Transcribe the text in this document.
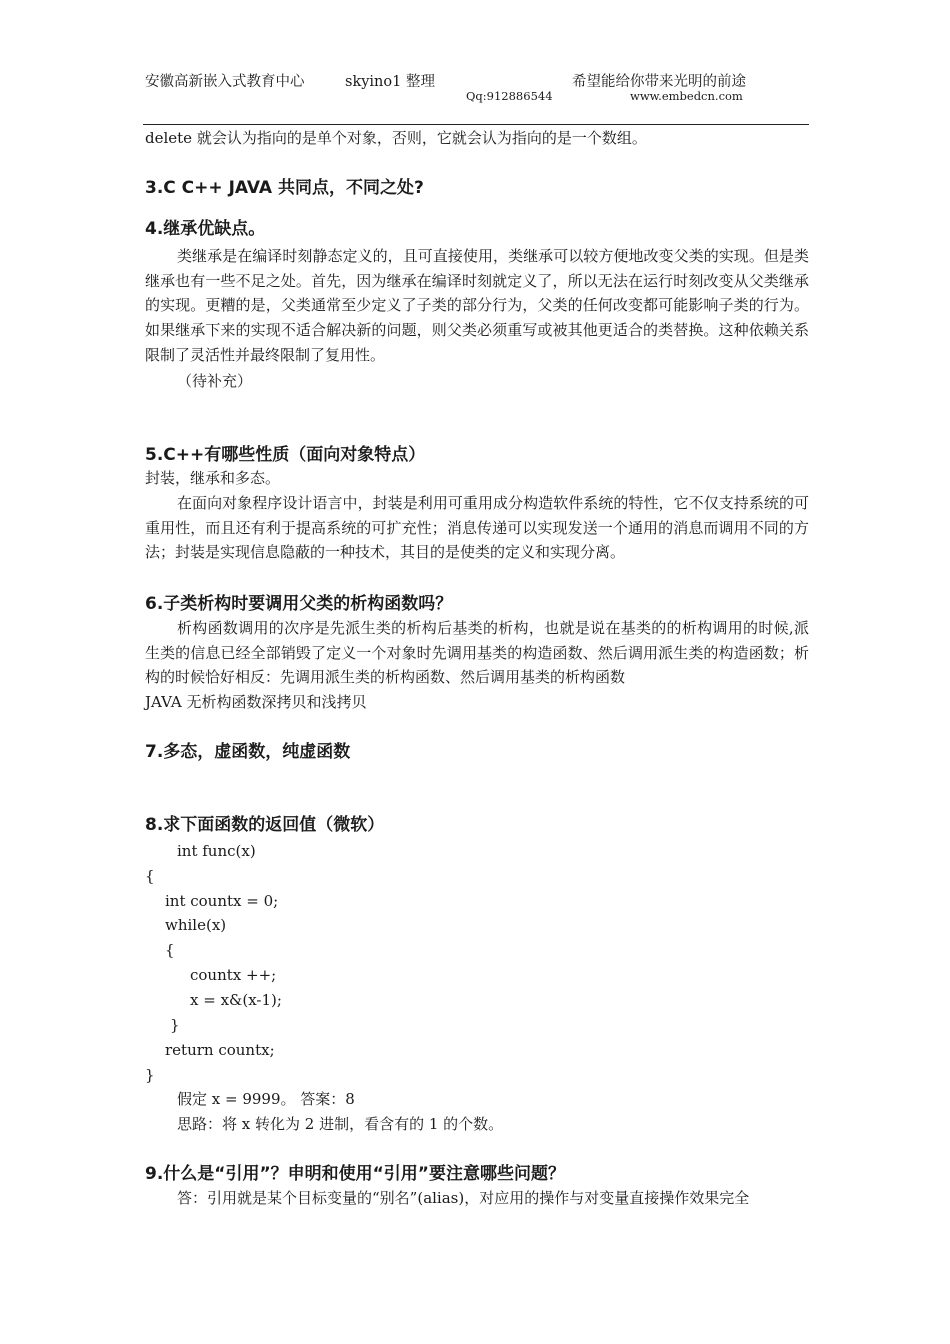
安徽高新嵌入式教育中心	skyino1 整理
Qq:912886544
希望能给你带来光明的前途
www.embedcn.com
delete 就会认为指向的是单个对象，否则，它就会认为指向的是一个数组。
3.C C++ JAVA 共同点，不同之处?
4.继承优缺点。

类继承是在编译时刻静态定义的，且可直接使用，类继承可以较方便地改变父类的实现。但是类继承也有一些不足之处。首先，因为继承在编译时刻就定义了，所以无法在运行时刻改变从父类继承的实现。更糟的是，父类通常至少定义了子类的部分行为，父类的任何改变都可能影响子类的行为。如果继承下来的实现不适合解决新的问题，则父类必须重写或被其他更适合的类替换。这种依赖关系限制了灵活性并最终限制了复用性。

（待补充）
5.C++有哪些性质（面向对象特点）
封装，继承和多态。

在面向对象程序设计语言中，封装是利用可重用成分构造软件系统的特性，它不仅支持系统的可重用性，而且还有利于提高系统的可扩充性；消息传递可以实现发送一个通用的消息而调用不同的方法；封装是实现信息隐蔽的一种技术，其目的是使类的定义和实现分离。

6.子类析构时要调用父类的析构函数吗？

析构函数调用的次序是先派生类的析构后基类的析构，也就是说在基类的的析构调用的时候,派生类的信息已经全部销毁了定义一个对象时先调用基类的构造函数、然后调用派生类的构造函数；析构的时候恰好相反：先调用派生类的析构函数、然后调用基类的析构函数

JAVA 无析构函数深拷贝和浅拷贝
7.多态，虚函数，纯虚函数
8.求下面函数的返回值（微软）
int func(x)
{
int countx = 0;
while(x)
{
countx ++;
x = x&(x-1);
}
return countx;
}
假定 x = 9999。 答案：8
思路：将 x 转化为 2 进制，看含有的 1 的个数。
9.什么是“引用”？申明和使用“引用”要注意哪些问题？
答：引用就是某个目标变量的“别名”(alias)，对应用的操作与对变量直接操作效果完全
